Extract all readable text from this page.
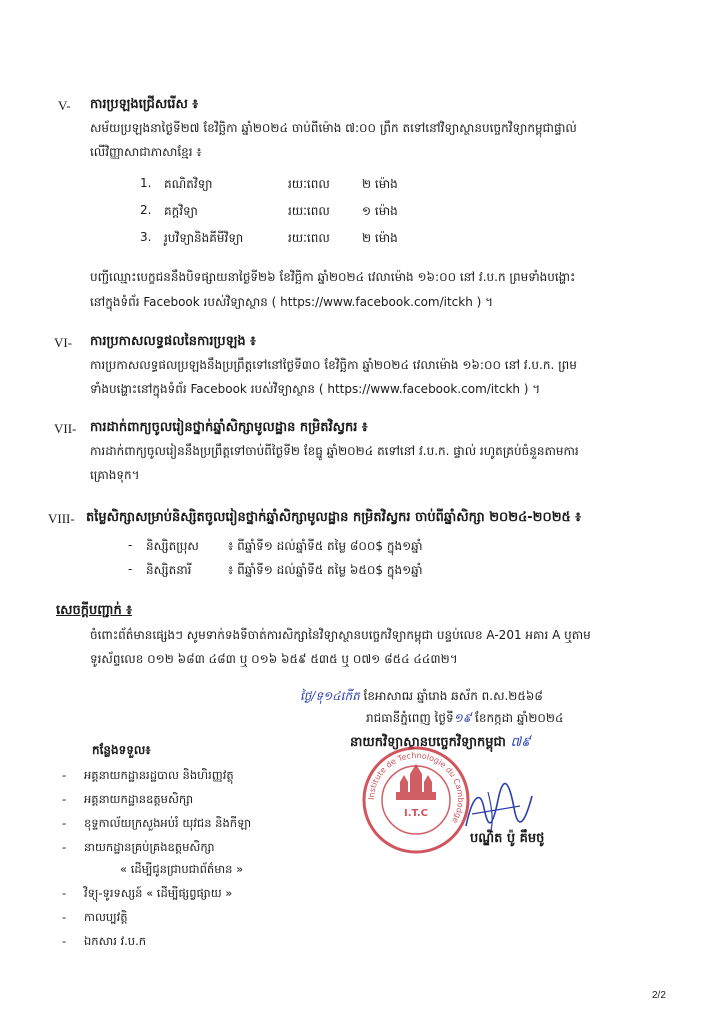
V- ការប្រឡងជ្រើសរើស ៖
សម័យប្រឡងនាថ្ងៃទី២៧ ខែវិច្ឆិកា ឆ្នាំ២០២៤ ចាប់ពីម៉ោង ៧:០០ ព្រឹក តទៅនៅវិទ្យាស្ថានបច្ចេកវិទ្យាកម្ពុជាផ្ទាល់
លើវិញ្ញាសាជាភាសាខ្មែរ ៖
1. គណិតវិទ្យា	រយៈពេល	២ ម៉ោង
2. គក្តវិទ្យា	រយៈពេល	១ ម៉ោង
3. រូបវិទ្យានិងគីមីវិទ្យា	រយៈពេល	២ ម៉ោង
បញ្ជីឈ្មោះបេក្ខជននឹងបិទផ្សាយនាថ្ងៃទី២៦ ខែវិច្ឆិកា ឆ្នាំ២០២៤ វេលាម៉ោង ១៦:០០ នៅ វ.ប.ក ព្រមទាំងបង្ហោះ
នៅក្នុងទំព័រ Facebook របស់វិទ្យាស្ថាន ( https://www.facebook.com/itckh ) ។
VI- ការប្រកាសលទ្ធផលនៃការប្រឡង ៖
ការប្រកាសលទ្ធផលប្រឡងនឹងប្រព្រឹត្តទៅនៅថ្ងៃទី៣០ ខែវិច្ឆិកា ឆ្នាំ២០២៤ វេលាម៉ោង ១៦:០០ នៅ វ.ប.ក. ព្រម
ទាំងបង្ហោះនៅក្នុងទំព័រ Facebook របស់វិទ្យាស្ថាន ( https://www.facebook.com/itckh ) ។
VII- ការដាក់ពាក្យចូលរៀនថ្នាក់ឆ្នាំសិក្សាមូលដ្ឋាន កម្រិតវិស្វករ ៖
ការដាក់ពាក្យចូលរៀននឹងប្រព្រឹត្តទៅចាប់ពីថ្ងៃទី២ ខែធ្នូ ឆ្នាំ២០២៤ តទៅនៅ វ.ប.ក. ផ្ទាល់ រហូតគ្រប់ចំនួនតាមការ
គ្រោងទុក។
VIII- តម្លៃសិក្សាសម្រាប់និស្សិតចូលរៀនថ្នាក់ឆ្នាំសិក្សាមូលដ្ឋាន កម្រិតវិស្វករ ចាប់ពីឆ្នាំសិក្សា ២០២៤-២០២៥ ៖
- និស្សិតប្រុស ៖ ពីឆ្នាំទី១ ដល់ឆ្នាំទី៥ តម្លៃ ៨០០$ ក្នុង១ឆ្នាំ
- និស្សិតនារី	៖ ពីឆ្នាំទី១ ដល់ឆ្នាំទី៥ តម្លៃ ៦៥០$ ក្នុង១ឆ្នាំ
សេចក្តីបញ្ជាក់ ៖
ចំពោះព័ត៌មានផ្សេងៗ សូមទាក់ទងទីចាត់ការសិក្សានៃវិទ្យាស្ថានបច្ចេកវិទ្យាកម្ពុជា បន្ទប់លេខ A-201 អគារ A ឬតាម
ទូរស័ព្ទលេខ ០១២ ៦៨៣ ៤៨៣ ឬ ០១៦ ៦៥៩ ៥៣៥ ឬ ០៧១ ៨៥៤ ៤៤៣២។
ថ្ងៃ/ទុ១៤កើត ខែអាសាឍ ឆ្នាំរោង ឆស័ក ព.ស.២៥៦៨
រាជធានីភ្នំពេញ ថ្ងៃទី១៩ ខែកក្កដា ឆ្នាំ២០២៤
នាយកវិទ្យាស្ថានបច្ចេកវិទ្យាកម្ពុជា ៧៩
Institute de Technologie du Cambodge
I.T.C
បណ្ឌិត ប៉ូ គឹមថូ
កន្លែងទទួល៖
- អគ្គនាយកដ្ឋានរដ្ឋបាល និងហិរញ្ញវត្ថុ
- អគ្គនាយកដ្ឋានឧត្តមសិក្សា
- ខុទ្ទកាល័យក្រសួងអប់រំ យុវជន និងកីឡា
- នាយកដ្ឋានគ្រប់គ្រងឧត្តមសិក្សា
« ដើម្បីជូនជ្រាបជាព័ត៌មាន »
- វិទ្យុ-ទូរទស្សន៍ « ដើម្បីផ្សព្វផ្សាយ »
- កាលប្បវត្តិ
- ឯកសារ វ.ប.ក
2/2
